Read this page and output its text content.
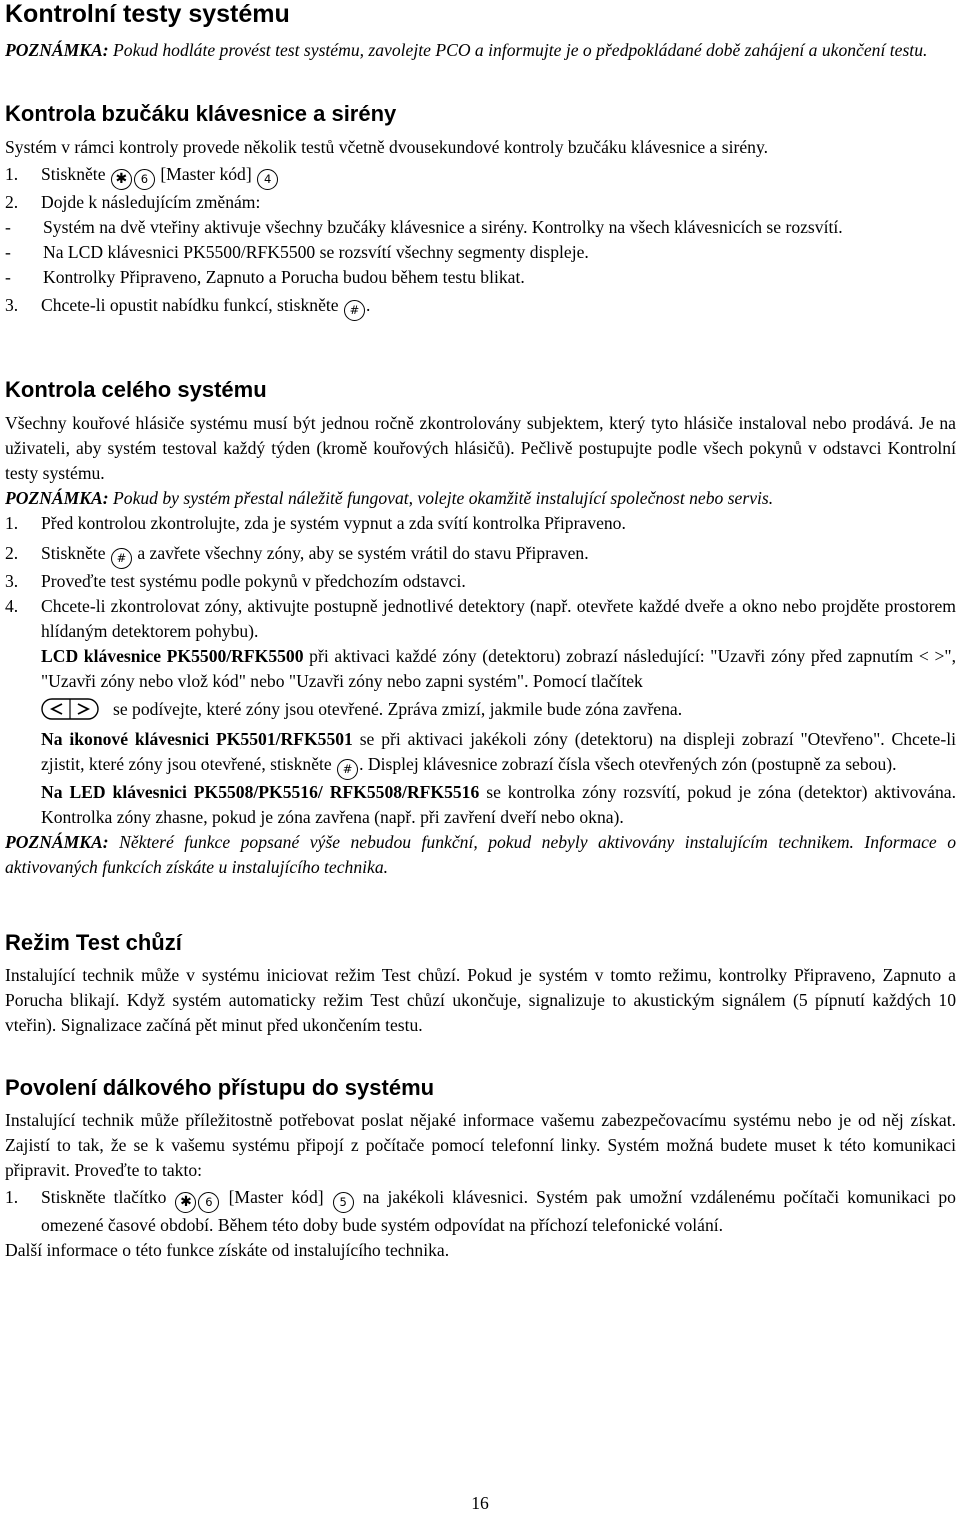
Kontrolní testy systému

POZNÁMKA: Pokud hodláte provést test systému, zavolejte PCO a informujte je o předpokládané době zahájení a ukončení testu.

Kontrola bzučáku klávesnice a sirény

Systém v rámci kontroly provede několik testů včetně dvousekundové kontroly bzučáku klávesnice a sirény.

1.	Stiskněte ✱ 6 [Master kód] 4
2.	Dojde k následujícím změnám:
-	Systém na dvě vteřiny aktivuje všechny bzučáky klávesnice a sirény. Kontrolky na všech klávesnicích se rozsvítí.
-	Na LCD klávesnici PK5500/RFK5500 se rozsvítí všechny segmenty displeje.
-	Kontrolky Připraveno, Zapnuto a Porucha budou během testu blikat.
3.	Chcete-li opustit nabídku funkcí, stiskněte # .
Kontrola celého systému

Všechny kouřové hlásiče systému musí být jednou ročně zkontrolovány subjektem, který tyto hlásiče instaloval nebo prodává. Je na uživateli, aby systém testoval každý týden (kromě kouřových hlásičů). Pečlivě postupujte podle všech pokynů v odstavci Kontrolní testy systému.

POZNÁMKA: Pokud by systém přestal náležitě fungovat, volejte okamžitě instalující společnost nebo servis.

1.	Před kontrolou zkontrolujte, zda je systém vypnut a zda svítí kontrolka Připraveno.
2.	Stiskněte # a zavřete všechny zóny, aby se systém vrátil do stavu Připraven.
3.	Proveďte test systému podle pokynů v předchozím odstavci.
4.	Chcete-li zkontrolovat zóny, aktivujte postupně jednotlivé detektory (např. otevřete každé dveře a okno nebo projděte prostorem hlídaným detektorem pohybu).

LCD klávesnice PK5500/RFK5500 při aktivaci každé zóny (detektoru) zobrazí následující: "Uzavři zóny před zapnutím < >", "Uzavři zóny nebo vlož kód" nebo "Uzavři zóny nebo zapni systém". Pomocí tlačítek

se podívejte, které zóny jsou otevřené. Zpráva zmizí, jakmile bude zóna zavřena.

Na ikonové klávesnici PK5501/RFK5501 se při aktivaci jakékoli zóny (detektoru) na displeji zobrazí "Otevřeno". Chcete-li zjistit, které zóny jsou otevřené, stiskněte # . Displej klávesnice zobrazí čísla všech otevřených zón (postupně za sebou).

Na LED klávesnici PK5508/PK5516/ RFK5508/RFK5516 se kontrolka zóny rozsvítí, pokud je zóna (detektor) aktivována. Kontrolka zóny zhasne, pokud je zóna zavřena (např. při zavření dveří nebo okna).

POZNÁMKA: Některé funkce popsané výše nebudou funkční, pokud nebyly aktivovány instalujícím technikem. Informace o aktivovaných funkcích získáte u instalujícího technika.

Režim Test chůzí

Instalující technik může v systému iniciovat režim Test chůzí. Pokud je systém v tomto režimu, kontrolky Připraveno, Zapnuto a Porucha blikají. Když systém automaticky režim Test chůzí ukončuje, signalizuje to akustickým signálem (5 pípnutí každých 10 vteřin). Signalizace začíná pět minut před ukončením testu.

Povolení dálkového přístupu do systému

Instalující technik může příležitostně potřebovat poslat nějaké informace vašemu zabezpečovacímu systému nebo je od něj získat. Zajistí to tak, že se k vašemu systému připojí z počítače pomocí telefonní linky. Systém možná budete muset k této komunikaci připravit. Proveďte to takto:

1.	Stiskněte tlačítko ✱ 6 [Master kód] 5 na jakékoli klávesnici. Systém pak umožní vzdálenému počítači komunikaci po omezené časové období. Během této doby bude systém odpovídat na příchozí telefonické volání.

Další informace o této funkce získáte od instalujícího technika.

16
